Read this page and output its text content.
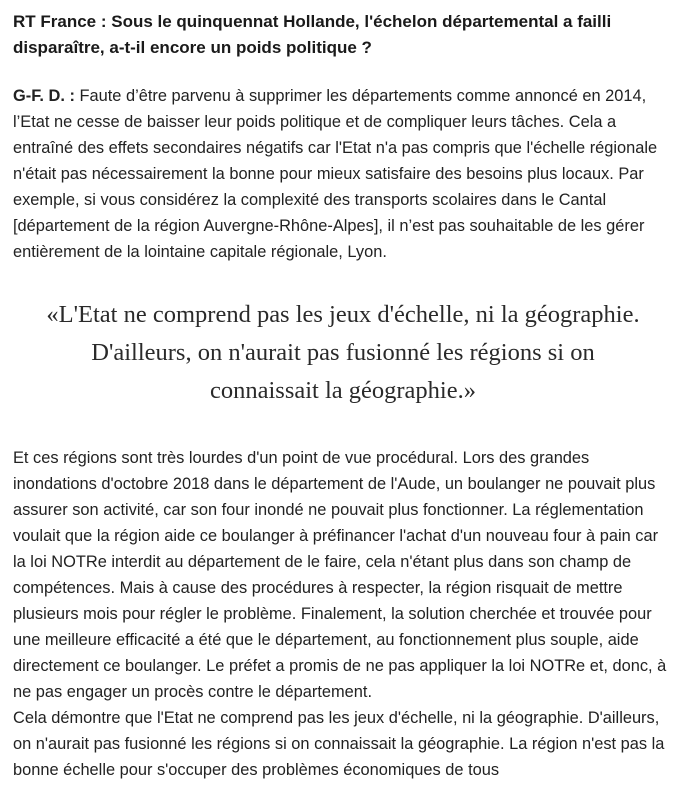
RT France : Sous le quinquennat Hollande, l'échelon départemental a failli disparaître, a-t-il encore un poids politique ?

G-F. D. : Faute d’être parvenu à supprimer les départements comme annoncé en 2014, l’Etat ne cesse de baisser leur poids politique et de compliquer leurs tâches. Cela a entraîné des effets secondaires négatifs car l'Etat n'a pas compris que l'échelle régionale n'était pas nécessairement la bonne pour mieux satisfaire des besoins plus locaux. Par exemple, si vous considérez la complexité des transports scolaires dans le Cantal [département de la région Auvergne-Rhône-Alpes], il n’est pas souhaitable de les gérer entièrement de la lointaine capitale régionale, Lyon.

«L'Etat ne comprend pas les jeux d'échelle, ni la géographie. D'ailleurs, on n'aurait pas fusionné les régions si on connaissait la géographie.»

Et ces régions sont très lourdes d'un point de vue procédural. Lors des grandes inondations d'octobre 2018 dans le département de l'Aude, un boulanger ne pouvait plus assurer son activité, car son four inondé ne pouvait plus fonctionner. La réglementation voulait que la région aide ce boulanger à préfinancer l'achat d'un nouveau four à pain car la loi NOTRe interdit au département de le faire, cela n'étant plus dans son champ de compétences. Mais à cause des procédures à respecter, la région risquait de mettre plusieurs mois pour régler le problème. Finalement, la solution cherchée et trouvée pour une meilleure efficacité a été que le département, au fonctionnement plus souple, aide directement ce boulanger. Le préfet a promis de ne pas appliquer la loi NOTRe et, donc, à ne pas engager un procès contre le département.

Cela démontre que l'Etat ne comprend pas les jeux d'échelle, ni la géographie. D'ailleurs, on n'aurait pas fusionné les régions si on connaissait la géographie. La région n'est pas la bonne échelle pour s'occuper des problèmes économiques de tous
